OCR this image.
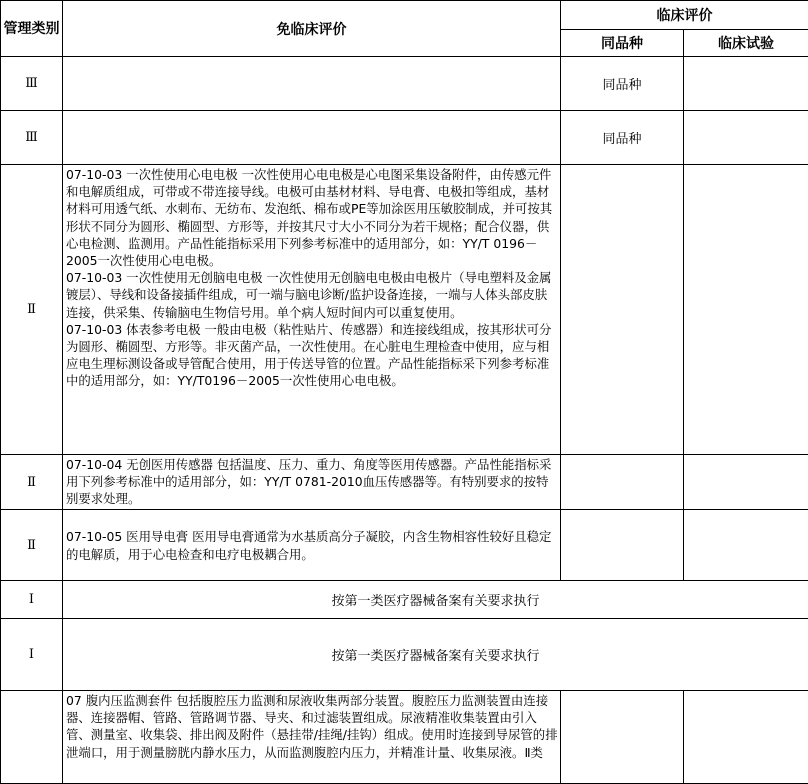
管理类别	免临床评价	临床评价	
		同品种	临床试验
Ⅲ		同品种	
Ⅲ		同品种	
Ⅱ	07-10-03 一次性使用心电电极 一次性使用心电电极是心电图采集设备附件，由传感元件和电解质组成，可带或不带连接导线。电极可由基材材料、导电膏、电极扣等组成，基材材料可用透气纸、水刺布、无纺布、发泡纸、棉布或PE等加涂医用压敏胶制成，并可按其形状不同分为圆形、椭圆型、方形等，并按其尺寸大小不同分为若干规格；配合仪器，供心电检测、监测用。产品性能指标采用下列参考标准中的适用部分，如：YY/T 0196－2005一次性使用心电电极。

07-10-03 一次性使用无创脑电电极 一次性使用无创脑电电极由电极片（导电塑料及金属镀层）、导线和设备接插件组成，可一端与脑电诊断/监护设备连接，一端与人体头部皮肤连接，供采集、传输脑电生物信号用。单个病人短时间内可以重复使用。

07-10-03 体表参考电极 一般由电极（粘性贴片、传感器）和连接线组成，按其形状可分为圆形、椭圆型、方形等。非灭菌产品，一次性使用。在心脏电生理检查中使用，应与相应电生理标测设备或导管配合使用，用于传送导管的位置。产品性能指标采下列参考标准中的适用部分，如：YY/T0196－2005一次性使用心电电极。		

Ⅱ	07-10-04 无创医用传感器 包括温度、压力、重力、角度等医用传感器。产品性能指标采用下列参考标准中的适用部分，如：YY/T 0781-2010血压传感器等。有特别要求的按特别要求处理。		

Ⅱ	07-10-05 医用导电膏 医用导电膏通常为水基质高分子凝胶，内含生物相容性较好且稳定的电解质，用于心电检查和电疗电极耦合用。		

Ⅰ	按第一类医疗器械备案有关要求执行		
Ⅰ	按第一类医疗器械备案有关要求执行		

	07 腹内压监测套件 包括腹腔压力监测和尿液收集两部分装置。腹腔压力监测装置由连接器、连接器帽、管路、管路调节器、导夹、和过滤装置组成。尿液精准收集装置由引入管、测量室、收集袋、排出阀及附件（悬挂带/挂绳/挂钩）组成。使用时连接到导尿管的排泄端口，用于测量膀胱内静水压力，从而监测腹腔内压力，并精准计量、收集尿液。Ⅱ类		
